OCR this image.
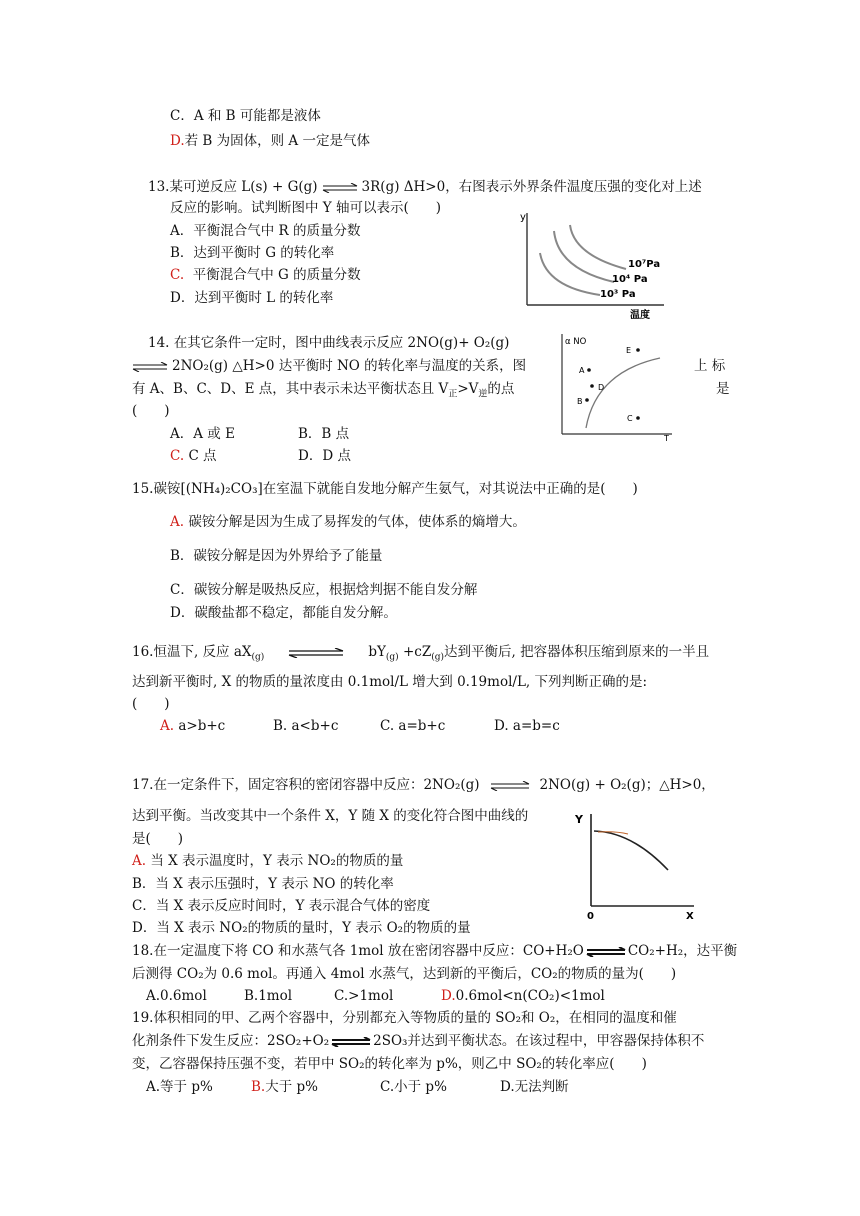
C．A 和 B 可能都是液体
D.若 B 为固体，则 A 一定是气体
13.某可逆反应 L(s) + G(g) ⇌ 3R(g) ΔH>0，右图表示外界条件温度压强的变化对上述
反应的影响。试判断图中 Y 轴可以表示(　　)
A．平衡混合气中 R 的质量分数
B．达到平衡时 G 的转化率
C. 平衡混合气中 G 的质量分数
D．达到平衡时 L 的转化率
y
温度
10⁷Pa
10⁴ Pa
10³ Pa
14. 在其它条件一定时，图中曲线表示反应 2NO(g)+ O₂(g)
⇌ 2NO₂(g) △H>0 达平衡时 NO 的转化率与温度的关系，图	上 标
有 A、B、C、D、E 点，其中表示未达平衡状态且 $V_正>V_逆$的点	是
(　　)
A．A 或 E	B．B 点
C. C 点	D．D 点
α NO
T
A
B
C
D
E
15.碳铵[(NH₄)₂CO₃]在室温下就能自发地分解产生氨气，对其说法中正确的是(　　)
A. 碳铵分解是因为生成了易挥发的气体，使体系的熵增大。
B．碳铵分解是因为外界给予了能量
C．碳铵分解是吸热反应，根据焓判据不能自发分解
D．碳酸盐都不稳定，都能自发分解。
16.恒温下, 反应 $aX_{(g)}$	$bY_{(g)} +cZ_{(g)}$达到平衡后, 把容器体积压缩到原来的一半且
达到新平衡时, X 的物质的量浓度由 0.1mol/L 增大到 0.19mol/L, 下列判断正确的是:
(　　)
A. a>b+c	B. a<b+c	C. a=b+c	D. a=b=c
17.在一定条件下，固定容积的密闭容器中反应：2NO₂(g) ⇌ 2NO(g) + O₂(g)；△H>0，
达到平衡。当改变其中一个条件 X，Y 随 X 的变化符合图中曲线的
是(　　)
A. 当 X 表示温度时，Y 表示 NO₂的物质的量
B．当 X 表示压强时，Y 表示 NO 的转化率
C．当 X 表示反应时间时，Y 表示混合气体的密度
D．当 X 表示 NO₂的物质的量时，Y 表示 O₂的物质的量
Y
X
0
18.在一定温度下将 CO 和水蒸气各 1mol 放在密闭容器中反应：CO+H₂O ⇌ CO₂+H₂，达平衡
后测得 CO₂为 0.6 mol。再通入 4mol 水蒸气，达到新的平衡后，CO₂的物质的量为(　　)
A.0.6mol	B.1mol	C.>1mol	D.0.6mol<n(CO₂)<1mol
19.体积相同的甲、乙两个容器中，分别都充入等物质的量的 SO₂和 O₂，在相同的温度和催
化剂条件下发生反应：2SO₂+O₂ ⇌ 2SO₃并达到平衡状态。在该过程中，甲容器保持体积不
变，乙容器保持压强不变，若甲中 SO₂的转化率为 p%，则乙中 SO₂的转化率应(　　)
A.等于 p%	B.大于 p%	C.小于 p%	D.无法判断
